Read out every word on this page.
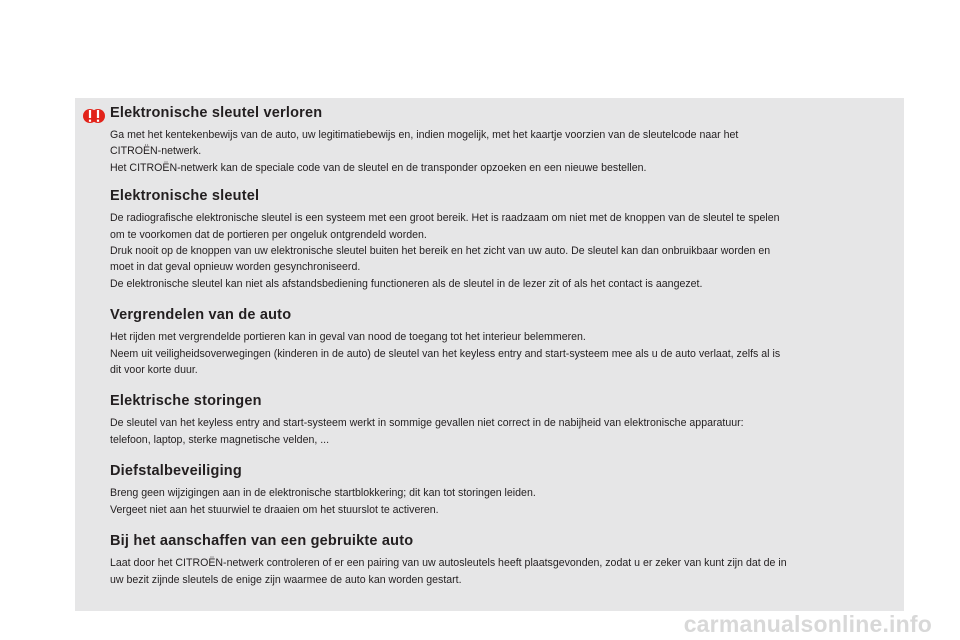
Elektronische sleutel verloren

Ga met het kentekenbewijs van de auto, uw legitimatiebewijs en, indien mogelijk, met het kaartje voorzien van de sleutelcode naar het
CITROËN-netwerk.
Het CITROËN-netwerk kan de speciale code van de sleutel en de transponder opzoeken en een nieuwe bestellen.

Elektronische sleutel

De radiografische elektronische sleutel is een systeem met een groot bereik. Het is raadzaam om niet met de knoppen van de sleutel te spelen
om te voorkomen dat de portieren per ongeluk ontgrendeld worden.
Druk nooit op de knoppen van uw elektronische sleutel buiten het bereik en het zicht van uw auto. De sleutel kan dan onbruikbaar worden en
moet in dat geval opnieuw worden gesynchroniseerd.
De elektronische sleutel kan niet als afstandsbediening functioneren als de sleutel in de lezer zit of als het contact is aangezet.

Vergrendelen van de auto

Het rijden met vergrendelde portieren kan in geval van nood de toegang tot het interieur belemmeren.
Neem uit veiligheidsoverwegingen (kinderen in de auto) de sleutel van het keyless entry and start-systeem mee als u de auto verlaat, zelfs al is
dit voor korte duur.

Elektrische storingen

De sleutel van het keyless entry and start-systeem werkt in sommige gevallen niet correct in de nabijheid van elektronische apparatuur:
telefoon, laptop, sterke magnetische velden, ...

Diefstalbeveiliging

Breng geen wijzigingen aan in de elektronische startblokkering; dit kan tot storingen leiden.
Vergeet niet aan het stuurwiel te draaien om het stuurslot te activeren.

Bij het aanschaffen van een gebruikte auto

Laat door het CITROËN-netwerk controleren of er een pairing van uw autosleutels heeft plaatsgevonden, zodat u er zeker van kunt zijn dat de in
uw bezit zijnde sleutels de enige zijn waarmee de auto kan worden gestart.

carmanualsonline.info
